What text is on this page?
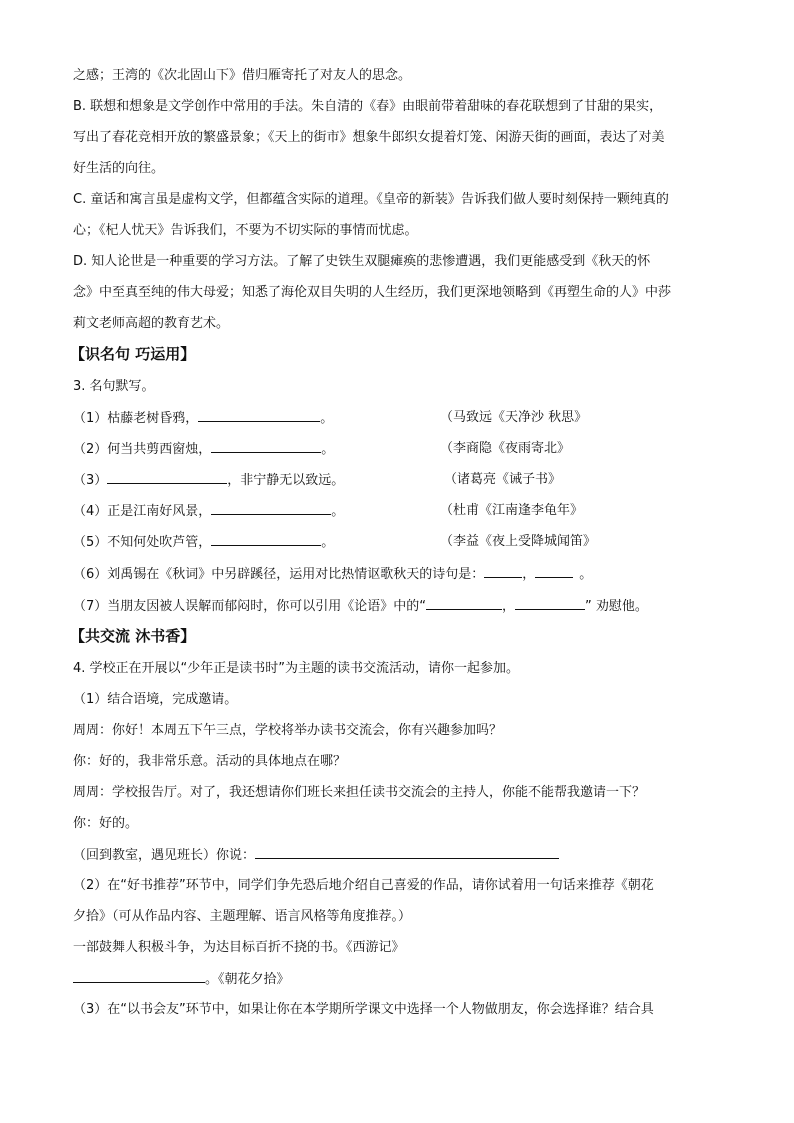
之感；王湾的《次北固山下》借归雁寄托了对友人的思念。
B. 联想和想象是文学创作中常用的手法。朱自清的《春》由眼前带着甜味的春花联想到了甘甜的果实，
写出了春花竞相开放的繁盛景象；《天上的街市》想象牛郎织女提着灯笼、闲游天街的画面，表达了对美
好生活的向往。
C. 童话和寓言虽是虚构文学，但都蕴含实际的道理。《皇帝的新装》告诉我们做人要时刻保持一颗纯真的
心；《杞人忧天》告诉我们，不要为不切实际的事情而忧虑。
D. 知人论世是一种重要的学习方法。了解了史铁生双腿瘫痪的悲惨遭遇，我们更能感受到《秋天的怀
念》中至真至纯的伟大母爱；知悉了海伦双目失明的人生经历，我们更深地领略到《再塑生命的人》中莎
莉文老师高超的教育艺术。
【识名句 巧运用】
3. 名句默写。
（1）枯藤老树昏鸦，	。	（马致远《天净沙 秋思》
（2）何当共剪西窗烛，	。	（李商隐《夜雨寄北》
（3）	，非宁静无以致远。	（诸葛亮《诫子书》
（4）正是江南好风景，	。	（杜甫《江南逢李龟年》
（5）不知何处吹芦管，	。	（李益《夜上受降城闻笛》
（6）刘禹锡在《秋词》中另辟蹊径，运用对比热情讴歌秋天的诗句是：	，	。
（7）当朋友因被人误解而郁闷时，你可以引用《论语》中的“	，	” 劝慰他。
【共交流 沐书香】
4. 学校正在开展以“少年正是读书时”为主题的读书交流活动，请你一起参加。
（1）结合语境，完成邀请。
周周：你好！本周五下午三点，学校将举办读书交流会，你有兴趣参加吗？
你：好的，我非常乐意。活动的具体地点在哪？
周周：学校报告厅。对了，我还想请你们班长来担任读书交流会的主持人，你能不能帮我邀请一下？
你：好的。
（回到教室，遇见班长）你说：
（2）在“好书推荐”环节中，同学们争先恐后地介绍自己喜爱的作品，请你试着用一句话来推荐《朝花
夕拾》（可从作品内容、主题理解、语言风格等角度推荐。）
一部鼓舞人积极斗争，为达目标百折不挠的书。《西游记》
。《朝花夕拾》
（3）在“以书会友”环节中，如果让你在本学期所学课文中选择一个人物做朋友，你会选择谁？结合具
